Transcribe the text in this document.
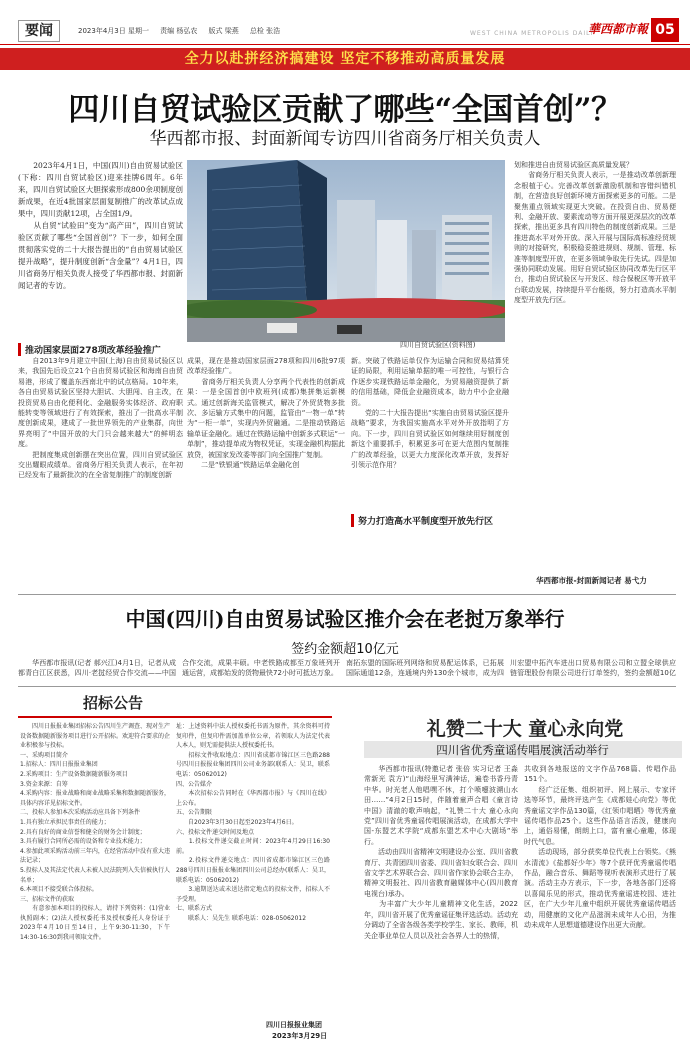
要闻	2023年4月3日 星期一 责编 杨弘农 版式 梁燕 总检 张浩	WEST CHINA METROPOLIS DAILY
華西都市報 05
全力以赴拼经济搞建设 坚定不移推动高质量发展
四川自贸试验区贡献了哪些“全国首创”？
华西都市报、封面新闻专访四川省商务厅相关负责人
　　2023年4月1日，中国(四川)自由贸易试验区(下称：四川自贸试验区)迎来挂牌6周年。6年来，四川自贸试验区大胆探索形成800余项制度创新成果，在近4批国家层面复制推广的改革试点成果中，四川贡献12项，占全国1/9。
　　从自贸“试验田”变为“高产田”，四川自贸试验区贡献了哪些“全国首创”？下一步，如何全面贯彻落实党的二十大报告提出的“自由贸易试验区提升战略”，提升制度创新“含金量”？4月1日，四川省商务厅相关负责人接受了华西都市报、封面新闻记者的专访。
四川自贸试验区(资料图)
推动国家层面278项改革经验推广
　　自2013年9月建立中国(上海)自由贸易试验区以来，我国先后设立21个自由贸易试验区和海南自由贸易港，形成了覆盖东西南北中的试点格局。10年来，各自由贸易试验区坚持大胆试、大胆闯、自主改，在投资贸易自由化便利化、金融服务实体经济、政府职能转变等领域进行了有效探索，推出了一批高水平制度创新成果，建成了一批世界领先的产业集群，向世界亮明了“中国开放的大门只会越来越大”的鲜明态度。
　　把制度集成创新摆在突出位置，四川自贸试验区交出耀眼成绩单。省商务厅相关负责人表示，在年初已经发布了最新批次的在全省复制推广的制度创新
成果，现在是推动国家层面278项和四川6批97项改革经验推广。
　　省商务厅相关负责人分享两个代表性的创新成果：一是全国首创中欧班列(成都)集拼集运新模式。通过创新海关监管模式，解决了外贸货物多批次、多运输方式集中的问题，监管由“一物一单”转为“一柜一单”，实现内外贸融通。二是推动铁路运输单证金融化。通过在铁路运输中创新多式联运“一单制”，推动提单成为物权凭证，实现金融机构据此放贷，被国家发改委等部门向全国推广复制。
　　二是“铁银通”铁路运单金融化创
新。突破了铁路运单仅作为运输合同和贸易结算凭证的局限，利用运输单据的唯一可控性，与银行合作逐步实现铁路运单金融化，为贸易融资提供了新的信用基础，降低企业融资成本，助力中小企业融资。
　　党的二十大报告提出“实施自由贸易试验区提升战略”要求，为我国实施高水平对外开放指明了方向。下一步，四川自贸试验区如何继续用好制度创新这个重要抓手，积累更多可在更大范围内复制推广的改革经验，以更大力度深化改革开放，发挥好引领示范作用？
努力打造高水平制度型开放先行区
划和推进自由贸易试验区高质量发展？
　　省商务厅相关负责人表示，一是推动改革创新理念根植于心。完善改革创新激励机制和容错纠错机制，在营造良好创新环境方面探索更多的可能。二是聚焦重点领域实现更大突破。在投资自由、贸易便利、金融开放、要素流动等方面开展更深层次的改革探索，推出更多具有四川特色的制度创新成果。三是推进高水平对外开放。深入开展与国际高标准经贸规则的对接研究，积极稳妥推进规则、规制、管理、标准等制度型开放，在更多领域争取先行先试。四是加强协同联动发展。用好自贸试验区协同改革先行区平台，推动自贸试验区与开发区、综合保税区等开放平台联动发展，持续提升平台能级，努力打造高水平制度型开放先行区。
华西都市报-封面新闻记者 易弋力
中国(四川)自由贸易试验区推介会在老挝万象举行
签约金额超10亿元
　　华西都市报讯(记者 郝兴江)4月1日，记者从成都青白江区获悉，四川·老挝经贸合作交流——中国

合作交流，成果丰硕。中老铁路成都至万象班列开通运营，成都始发的货物最快72小时可抵达万象。

南拓东盟的国际班列网络和贸易配运体系，已拓展国际通道12条，连通境内外130余个城市，成为四

川宏盟中拓汽车进出口贸易有限公司和立盟全球供应链管理股份有限公司进行订单签约，签约金额超10亿

招标公告
　　四川日报报业集团招标公告四川生产调查、现对生产设备数据随新服务项目进行公开招标。欢迎符合要求的企业积极参与投标。
一、采购项目简介
1.招标人：四川日报报业集团
2.采购项目：生产设备数据随新服务项目
3.资金来源：自筹
4.采购内容：报业战略和商业战略采集和数据随新服务，具体内容详见招标文件。
二、投标人参加本次采购活动应具备下列条件
1.具有独立承担民事责任的能力；
2.具有良好的商业信誉和健全的财务会计制度；
3.具有履行合同所必需的设备和专业技术能力；
4.参加此项采购活动前三年内，在经营活动中没有重大违法记录；
5.投标人及其法定代表人未被人民法院列入失信被执行人名单；
6.本项目不接受联合体投标。
三、招标文件的获取
　　有意参加本项目的投标人，请持下列资料：(1)营业执照副本；(2)法人授权委托书及授权委托人身份证于2023年4月10日至14日，上午9:30-11:30，下午14:30-16:30到我司领取文件。
址：上述资料中法人授权委托书需为原件，其余资料可持复印件，但复印件需加盖单位公章，若领取人为法定代表人本人，则无需提供法人授权委托书。
　　招标文件收取地点：四川省成都市锦江区三色路288号四川日报报业集团四川公司业务部(联系人：吴卫，联系电话：05062012)
四、公告媒介
　　本次招标公告同时在《华西都市报》与《四川在线》上公布。
五、公告期限
　　自2023年3月30日起至2023年4月6日。
六、投标文件递交时间及地点
　　1.投标文件递交截止时间：2023年4月29日16:30前。
　　2.投标文件递交地点：四川省成都市锦江区三色路288号四川日报报业集团四川公司总经办(联系人：吴卫，联系电话：05062012)
　　3.逾期送达或未送达指定地点的投标文件，招标人不予受理。
七、联系方式
　　联系人：吴先生 联系电话：028-05062012
四川日报报业集团
2023年3月29日
礼赞二十大 童心永向党
四川省优秀童谣传唱展演活动举行
　　华西都市报讯(特邀记者 张倍 实习记者 王淼 常新光 袁方)“山海经里写满神话，遍卷书香丹青中华。时光老人他唱嘿不休，打个喷嚏波溯山水田……”4月2日15时，伴随着童声合唱《童言诗中国》清澈的歌声响起，“礼赞二十大 童心永向党”四川省优秀童谣传唱展演活动，在成都大学中国-东盟艺术学院“成都东盟艺术中心大剧场”举行。
　　活动由四川省精神文明建设办公室、四川省教育厅、共青团四川省委、四川省妇女联合会、四川省文学艺术界联合会、四川省作家协会联合主办，精神文明报社、四川省教育融媒体中心(四川教育电视台)承办。
　　为丰富广大少年儿童精神文化生活，2022年，四川省开展了优秀童谣征集评选活动。活动充分调动了全省各级各类学校学生、家长、教师，机关企事业单位人员以及社会各界人士的热情，
共收到各地报送的文字作品768篇、传唱作品151个。
　　经广泛征集、组织初评、网上展示、专家评选等环节，最终评选产生《成都娃心向党》等优秀童谣文字作品130篇，《红领巾唱晒》等优秀童谣传唱作品25个。这些作品语言活泼，健康向上，通俗易懂，朗朗上口，富有童心童趣，体现时代气息。
　　活动现场，部分获奖单位代表上台领奖。《熊水清流》《盐都好少年》等7个获评优秀童谣传唱作品，融合音乐、舞蹈等视听表演形式进行了展演。活动主办方表示，下一步，各地各部门还将以喜闻乐见的形式，推动优秀童谣进校园、进社区，在广大少年儿童中组织开展优秀童谣传唱活动，用健康的文化产品滋润未成年人心田，为推动未成年人思想道德建设作出更大贡献。
